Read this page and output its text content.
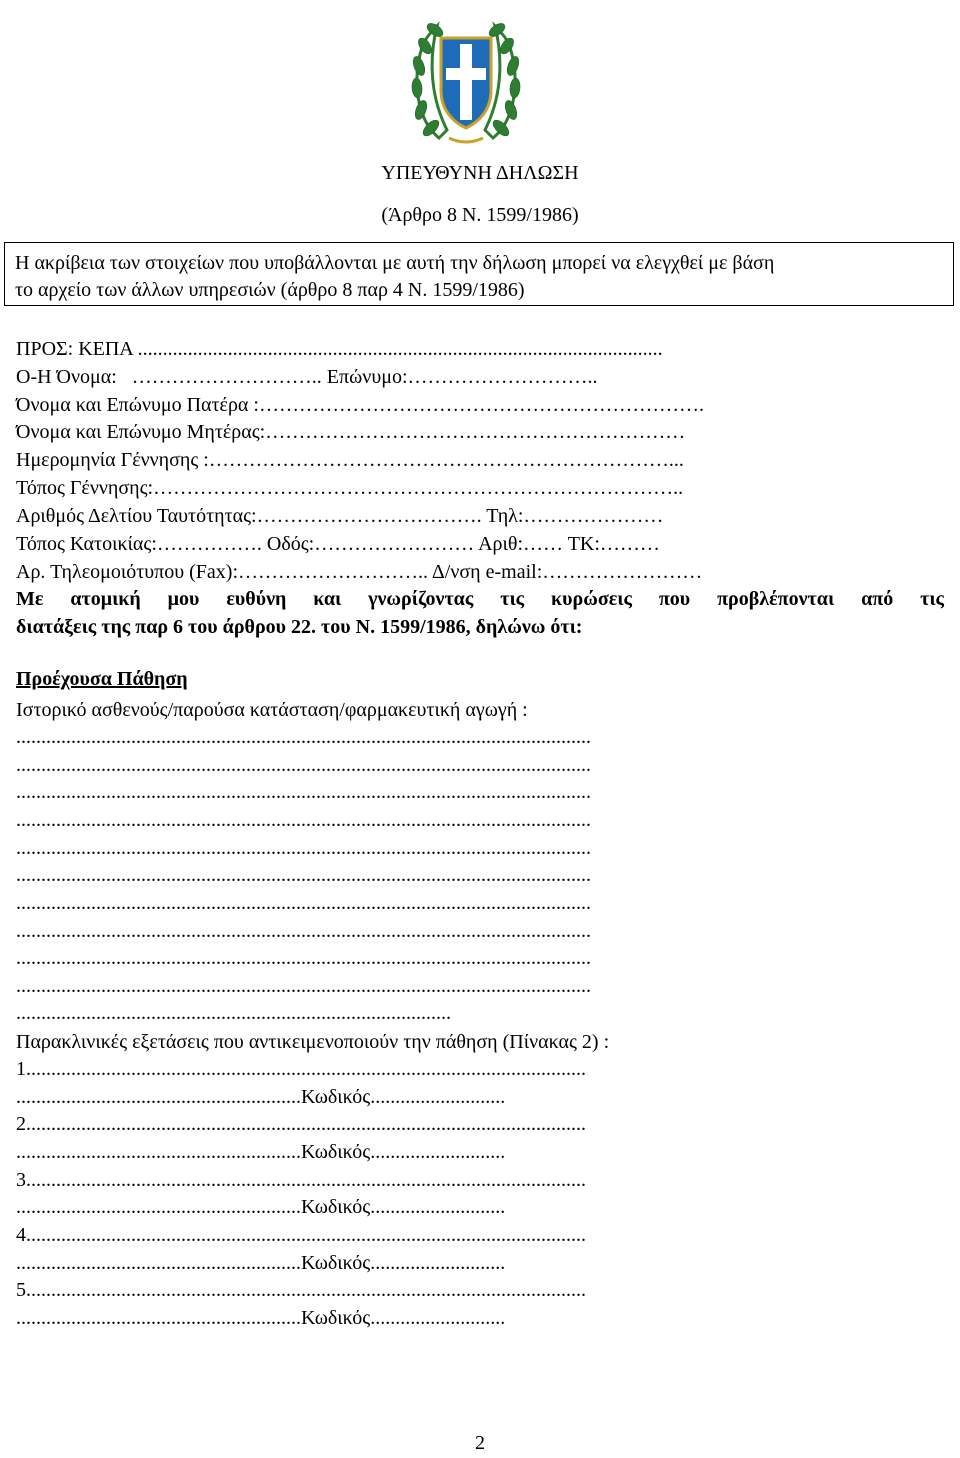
ΥΠΕΥΘΥΝΗ ΔΗΛΩΣΗ
(Άρθρο 8 Ν. 1599/1986)
Η ακρίβεια των στοιχείων που υποβάλλονται με αυτή την δήλωση μπορεί να ελεγχθεί με βάση
το αρχείο των άλλων υπηρεσιών (άρθρο 8 παρ 4 Ν. 1599/1986)
ΠΡΟΣ: ΚΕΠΑ .........................................................................................................
Ο-Η Όνομα:   ……………………….. Επώνυμο:………………………..
Όνομα και Επώνυμο Πατέρα :………………………………………………………….
Όνομα και Επώνυμο Μητέρας:………………………………………………………
Ημερομηνία Γέννησης :……………………………………………………………...
Τόπος Γέννησης:……………………………………………………………………..
Αριθμός Δελτίου Ταυτότητας:……………………………. Τηλ:…………………
Τόπος Κατοικίας:……………. Οδός:…………………… Αριθ:…… ΤΚ:………
Αρ. Τηλεομοιότυπου (Fax):……………………….. Δ/νση e-mail:……………………
Με ατομική μου ευθύνη και γνωρίζοντας τις κυρώσεις που προβλέπονται από τις
διατάξεις της παρ 6 του άρθρου 22. του Ν. 1599/1986, δηλώνω ότι:
Προέχουσα Πάθηση
Ιστορικό ασθενούς/παρούσα κατάσταση/φαρμακευτική αγωγή :
...................................................................................................................
...................................................................................................................
...................................................................................................................
...................................................................................................................
...................................................................................................................
...................................................................................................................
...................................................................................................................
...................................................................................................................
...................................................................................................................
...................................................................................................................
.......................................................................................
Παρακλινικές εξετάσεις που αντικειμενοποιούν την πάθηση (Πίνακας 2) :
1................................................................................................................
.........................................................Κωδικός...........................
2................................................................................................................
.........................................................Κωδικός...........................
3................................................................................................................
.........................................................Κωδικός...........................
4................................................................................................................
.........................................................Κωδικός...........................
5................................................................................................................
.........................................................Κωδικός...........................
2
